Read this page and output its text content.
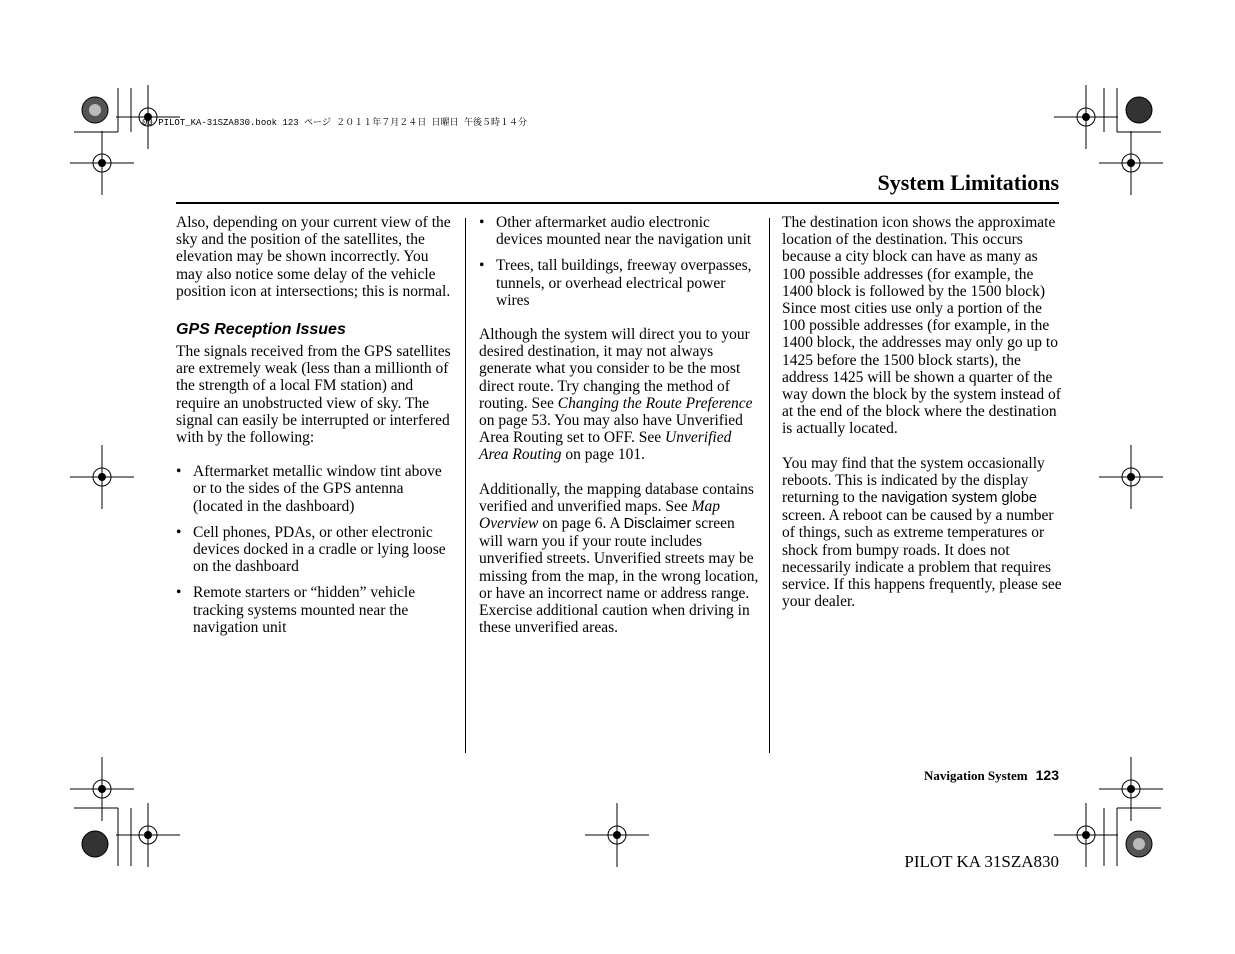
00 PILOT_KA-31SZA830.book 123 ページ ２０１１年７月２４日 日曜日 午後５時１４分
System Limitations

Also, depending on your current view of the sky and the position of the satellites, the elevation may be shown incorrectly. You may also notice some delay of the vehicle position icon at intersections; this is normal.

GPS Reception Issues

The signals received from the GPS satellites are extremely weak (less than a millionth of the strength of a local FM station) and require an unobstructed view of sky. The signal can easily be interrupted or interfered with by the following:

• Aftermarket metallic window tint above or to the sides of the GPS antenna (located in the dashboard)
• Cell phones, PDAs, or other electronic devices docked in a cradle or lying loose on the dashboard
• Remote starters or “hidden” vehicle tracking systems mounted near the navigation unit
• Other aftermarket audio electronic devices mounted near the navigation unit
• Trees, tall buildings, freeway overpasses, tunnels, or overhead electrical power wires

Although the system will direct you to your desired destination, it may not always generate what you consider to be the most direct route. Try changing the method of routing. See Changing the Route Preference on page 53. You may also have Unverified Area Routing set to OFF. See Unverified Area Routing on page 101.

Additionally, the mapping database contains verified and unverified maps. See Map Overview on page 6. A Disclaimer screen will warn you if your route includes unverified streets. Unverified streets may be missing from the map, in the wrong location, or have an incorrect name or address range. Exercise additional caution when driving in these unverified areas.

The destination icon shows the approximate location of the destination. This occurs because a city block can have as many as 100 possible addresses (for example, the 1400 block is followed by the 1500 block) Since most cities use only a portion of the 100 possible addresses (for example, in the 1400 block, the addresses may only go up to 1425 before the 1500 block starts), the address 1425 will be shown a quarter of the way down the block by the system instead of at the end of the block where the destination is actually located.

You may find that the system occasionally reboots. This is indicated by the display returning to the navigation system globe screen. A reboot can be caused by a number of things, such as extreme temperatures or shock from bumpy roads. It does not necessarily indicate a problem that requires service. If this happens frequently, please see your dealer.

Navigation System 123
PILOT KA 31SZA830
